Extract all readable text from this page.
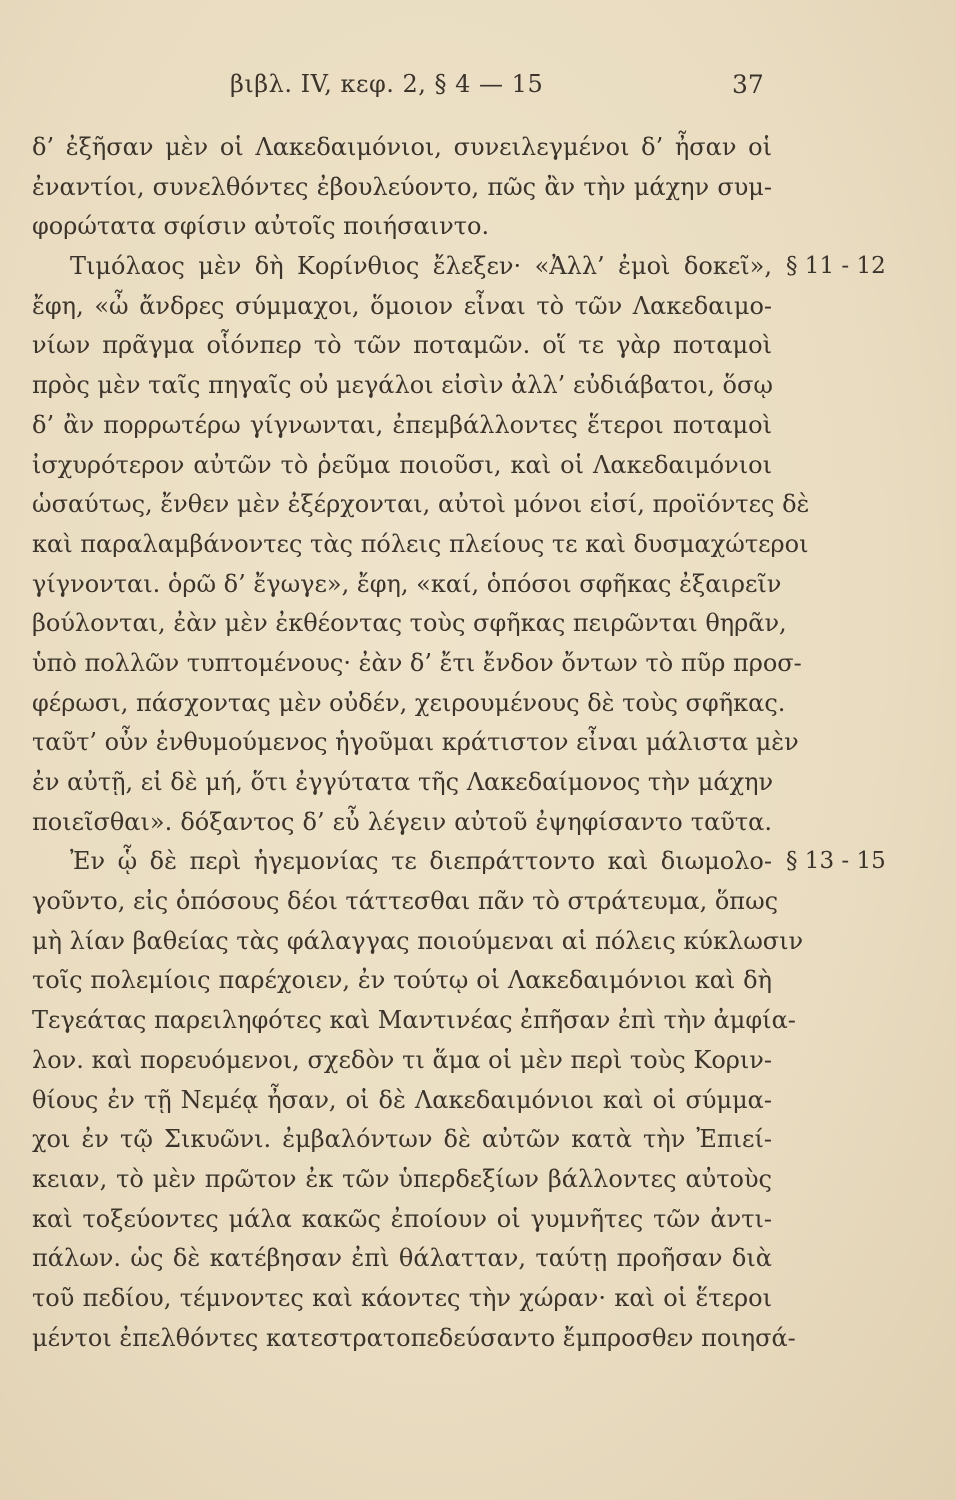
βιβλ. IV, κεφ. 2, § 4 — 15	37
§ 11 - 12
§ 13 - 15
δ’ ἐξῆσαν μὲν οἱ Λακεδαιμόνιοι, συνειλεγμένοι δ’ ἦσαν οἱ
ἐναντίοι, συνελθόντες ἐβουλεύοντο, πῶς ἂν τὴν μάχην συμ-
φορώτατα σφίσιν αὐτοῖς ποιήσαιντο.
Τιμόλαος μὲν δὴ Κορίνθιος ἔλεξεν· «Ἀλλ’ ἐμοὶ δοκεῖ»,
ἔφη, «ὦ ἄνδρες σύμμαχοι, ὅμοιον εἶναι τὸ τῶν Λακεδαιμο-
νίων πρᾶγμα οἷόνπερ τὸ τῶν ποταμῶν. οἵ τε γὰρ ποταμοὶ
πρὸς μὲν ταῖς πηγαῖς οὐ μεγάλοι εἰσὶν ἀλλ’ εὐδιάβατοι, ὅσῳ
δ’ ἂν πορρωτέρω γίγνωνται, ἐπεμβάλλοντες ἕτεροι ποταμοὶ
ἰσχυρότερον αὐτῶν τὸ ῥεῦμα ποιοῦσι, καὶ οἱ Λακεδαιμόνιοι
ὡσαύτως, ἔνθεν μὲν ἐξέρχονται, αὐτοὶ μόνοι εἰσί, προϊόντες δὲ
καὶ παραλαμβάνοντες τὰς πόλεις πλείους τε καὶ δυσμαχώτεροι
γίγνονται. ὁρῶ δ’ ἔγωγε», ἔφη, «καί, ὁπόσοι σφῆκας ἐξαιρεῖν
βούλονται, ἐὰν μὲν ἐκθέοντας τοὺς σφῆκας πειρῶνται θηρᾶν,
ὑπὸ πολλῶν τυπτομένους· ἐὰν δ’ ἔτι ἔνδον ὄντων τὸ πῦρ προσ-
φέρωσι, πάσχοντας μὲν οὐδέν, χειρουμένους δὲ τοὺς σφῆκας.
ταῦτ’ οὖν ἐνθυμούμενος ἡγοῦμαι κράτιστον εἶναι μάλιστα μὲν
ἐν αὐτῇ, εἰ δὲ μή, ὅτι ἐγγύτατα τῆς Λακεδαίμονος τὴν μάχην
ποιεῖσθαι». δόξαντος δ’ εὖ λέγειν αὐτοῦ ἐψηφίσαντο ταῦτα.
Ἐν ᾧ δὲ περὶ ἡγεμονίας τε διεπράττοντο καὶ διωμολο-
γοῦντο, εἰς ὁπόσους δέοι τάττεσθαι πᾶν τὸ στράτευμα, ὅπως
μὴ λίαν βαθείας τὰς φάλαγγας ποιούμεναι αἱ πόλεις κύκλωσιν
τοῖς πολεμίοις παρέχοιεν, ἐν τούτῳ οἱ Λακεδαιμόνιοι καὶ δὴ
Τεγεάτας παρειληφότες καὶ Μαντινέας ἐπῆσαν ἐπὶ τὴν ἀμφία-
λον. καὶ πορευόμενοι, σχεδὸν τι ἅμα οἱ μὲν περὶ τοὺς Κοριν-
θίους ἐν τῇ Νεμέᾳ ἦσαν, οἱ δὲ Λακεδαιμόνιοι καὶ οἱ σύμμα-
χοι ἐν τῷ Σικυῶνι. ἐμβαλόντων δὲ αὐτῶν κατὰ τὴν Ἐπιεί-
κειαν, τὸ μὲν πρῶτον ἐκ τῶν ὑπερδεξίων βάλλοντες αὐτοὺς
καὶ τοξεύοντες μάλα κακῶς ἐποίουν οἱ γυμνῆτες τῶν ἀντι-
πάλων. ὡς δὲ κατέβησαν ἐπὶ θάλατταν, ταύτῃ προῆσαν διὰ
τοῦ πεδίου, τέμνοντες καὶ κάοντες τὴν χώραν· καὶ οἱ ἕτεροι
μέντοι ἐπελθόντες κατεστρατοπεδεύσαντο ἔμπροσθεν ποιησά-
